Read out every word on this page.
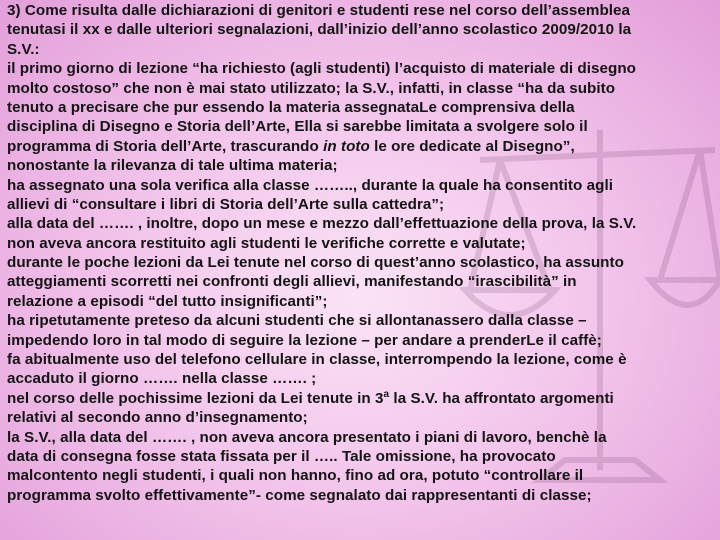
3) Come risulta dalle dichiarazioni di genitori e studenti rese nel corso dell’assemblea
tenutasi il xx e dalle ulteriori segnalazioni, dall’inizio dell’anno scolastico 2009/2010 la
S.V.:
il primo giorno di lezione “ha richiesto (agli studenti) l’acquisto di materiale di disegno
molto costoso” che non è mai stato utilizzato; la S.V., infatti, in classe “ha da subito
tenuto a precisare che pur essendo la materia assegnataLe comprensiva della
disciplina di Disegno e Storia dell’Arte, Ella si sarebbe limitata a svolgere solo il
programma di Storia dell’Arte, trascurando in toto le ore dedicate al Disegno”,
nonostante la rilevanza di tale ultima materia;
ha assegnato una sola verifica alla classe …….., durante la quale ha consentito agli
allievi di “consultare i libri di Storia dell’Arte sulla cattedra”;
alla data del ……. , inoltre, dopo un mese e mezzo dall’effettuazione della prova, la S.V.
non aveva ancora restituito agli studenti le verifiche corrette e valutate;
durante le poche lezioni da Lei tenute nel corso di quest’anno scolastico, ha assunto
atteggiamenti scorretti nei confronti degli allievi, manifestando “irascibilità” in
relazione a episodi “del tutto insignificanti”;
ha ripetutamente preteso da alcuni studenti che si allontanassero dalla classe –
impedendo loro in tal modo di seguire la lezione – per andare a prenderLe il caffè;
fa abitualmente uso del telefono cellulare in classe, interrompendo la lezione, come è
accaduto il giorno ……. nella classe ……. ;
nel corso delle pochissime lezioni da Lei tenute in 3$^a$ la S.V. ha affrontato argomenti
relativi al secondo anno d’insegnamento;
la S.V., alla data del ……. , non aveva ancora presentato i piani di lavoro, benchè la
data di consegna fosse stata fissata per il ….. Tale omissione, ha provocato
malcontento negli studenti, i quali non hanno, fino ad ora, potuto “controllare il
programma svolto effettivamente”- come segnalato dai rappresentanti di classe;
